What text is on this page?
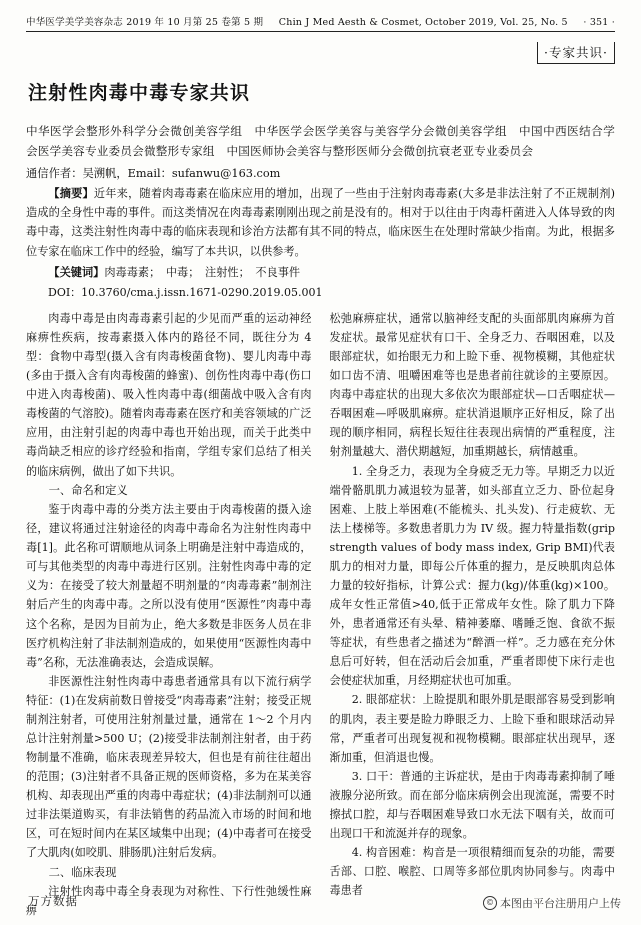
中华医学美学美容杂志 2019 年 10 月第 25 卷第 5 期 Chin J Med Aesth & Cosmet, October 2019, Vol. 25, No. 5 · 351 ·
·专家共识·
注射性肉毒中毒专家共识
中华医学会整形外科学分会微创美容学组　中华医学会医学美容与美容学分会微创美容学组　中国中西医结合学会医学美容专业委员会微整形专家组　中国医师协会美容与整形医师分会微创抗衰老亚专业委员会
通信作者：吴溯帆，Email：sufanwu@163.com

【摘要】近年来，随着肉毒毒素在临床应用的增加，出现了一些由于注射肉毒毒素(大多是非法注射了不正规制剂)造成的全身性中毒的事件。而这类情况在肉毒毒素刚刚出现之前是没有的。相对于以往由于肉毒杆菌进入人体导致的肉毒中毒，这类注射性肉毒中毒的临床表现和诊治方法都有其不同的特点，临床医生在处理时常缺少指南。为此，根据多位专家在临床工作中的经验，编写了本共识，以供参考。

【关键词】肉毒毒素；　中毒；　注射性；　不良事件

DOI：10.3760/cma.j.issn.1671-0290.2019.05.001

肉毒中毒是由肉毒毒素引起的少见而严重的运动神经麻痹性疾病，按毒素摄入体内的路径不同，既往分为 4 型：食物中毒型(摄入含有肉毒梭菌食物)、婴儿肉毒中毒(多由于摄入含有肉毒梭菌的蜂蜜)、创伤性肉毒中毒(伤口中进入肉毒梭菌)、吸入性肉毒中毒(细菌战中吸入含有肉毒梭菌的气溶胶)。随着肉毒毒素在医疗和美容领域的广泛应用，由注射引起的肉毒中毒也开始出现，而关于此类中毒尚缺乏相应的诊疗经验和指南，学组专家们总结了相关的临床病例，做出了如下共识。

一、命名和定义

鉴于肉毒中毒的分类方法主要由于肉毒梭菌的摄入途径，建议将通过注射途径的肉毒中毒命名为注射性肉毒中毒[1]。此名称可谓顺地从词条上明确是注射中毒造成的，可与其他类型的肉毒中毒进行区别。注射性肉毒中毒的定义为：在接受了较大剂量超不明剂量的“肉毒毒素”制剂注射后产生的肉毒中毒。之所以没有使用“医源性”肉毒中毒这个名称，是因为目前为止，绝大多数是非医务人员在非医疗机构注射了非法制剂造成的，如果使用“医源性肉毒中毒”名称，无法准确表达，会造成误解。

非医源性注射性肉毒中毒患者通常具有以下流行病学特征：(1)在发病前数日曾接受“肉毒毒素”注射；接受正规制剂注射者，可使用注射剂量过量，通常在 1～2 个月内总计注射剂量>500 U；(2)接受非法制剂注射者，由于药物制量不准确，临床表现差异较大，但也是有前往往超出的范围；(3)注射者不具备正规的医师资格，多为在某美容机构、却表现出严重的肉毒中毒症状；(4)非法制剂可以通过非法渠道购买，有非法销售的药品流入市场的时间和地区，可在短时间内在某区域集中出现；(4)中毒者可在接受了大肌肉(如咬肌、腓肠肌)注射后发病。

二、临床表现

注射性肉毒中毒全身表现为对称性、下行性弛缓性麻痹

松弛麻痹症状，通常以脑神经支配的头面部肌肉麻痹为首发症状。最常见症状有口干、全身乏力、吞咽困难，以及眼部症状，如抬眼无力和上睑下垂、视物模糊，其他症状如口齿不清、咀嚼困难等也是患者前往就诊的主要原因。肉毒中毒症状的出现大多依次为眼部症状—口舌咽症状—吞咽困难—呼吸肌麻痹。症状消退顺序正好相反，除了出现的顺序相同，病程长短往往表现出病情的严重程度，注射剂量越大、潜伏期越短，加重期越长，病情越重。

1. 全身乏力，表现为全身疲乏无力等。早期乏力以近端骨骼肌肌力减退较为显著，如头部直立乏力、卧位起身困难、上肢上举困难(不能梳头、扎头发)、行走疲软、无法上楼梯等。多数患者肌力为 IV 级。握力特量指数(grip strength values of body mass index, Grip BMI)代表肌力的相对力量，即每公斤体重的握力，是反映肌肉总体力量的较好指标，计算公式：握力(kg)/体重(kg)×100。成年女性正常值>40,低于正常成年女性。除了肌力下降外，患者通常还有头晕、精神萎靡、嗜睡乏饱、食欲不振等症状，有些患者之描述为“醉酒一样”。乏力感在充分休息后可好转，但在活动后会加重，严重者即使下床行走也会使症状加重，月经期症状也可加重。

2. 眼部症状：上睑提肌和眼外肌是眼部容易受到影响的肌肉，表主要是睑力睁眼乏力、上睑下垂和眼球活动异常，严重者可出现复视和视物模糊。眼部症状出现早，逐渐加重，但消退也慢。

3. 口干：普通的主诉症状，是由于肉毒毒素抑制了唾液腺分泌所致。而在部分临床病例会出现流涎，需要不时擦拭口腔，却与吞咽困难导致口水无法下咽有关，故而可出现口干和流涎并存的现象。

4. 构音困难：构音是一项很精细而复杂的功能，需要舌部、口腔、喉腔、口周等多部位肌肉协同参与。肉毒中毒患者

万方数据	© 本图由平台注册用户上传
